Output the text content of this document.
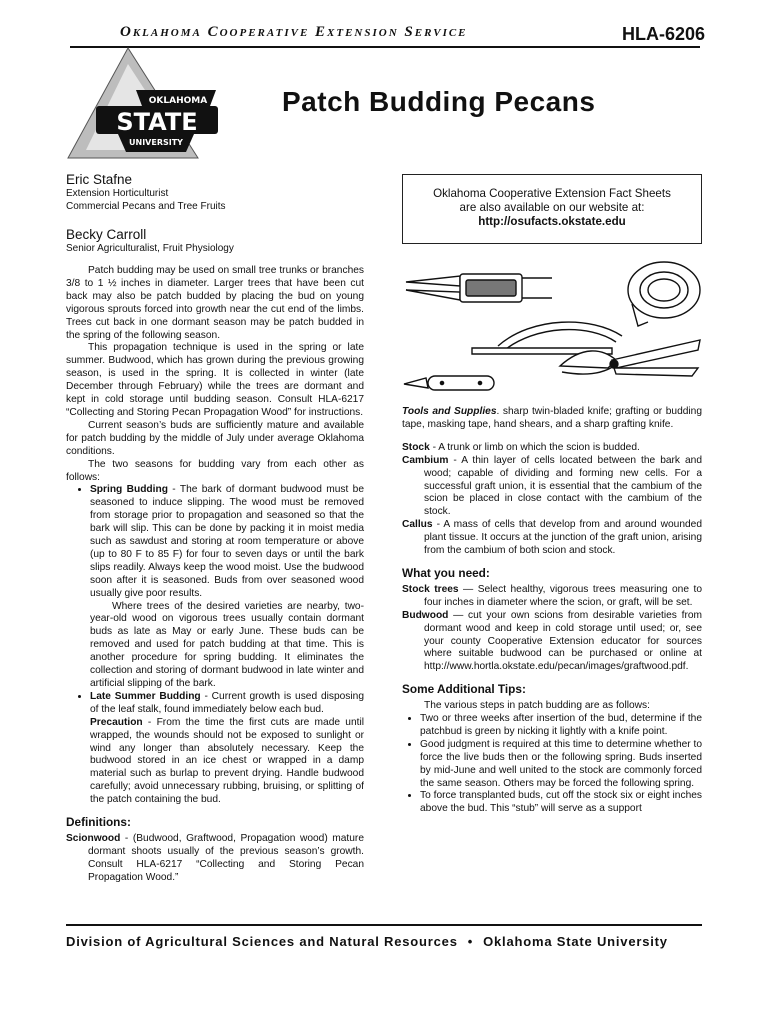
Oklahoma Cooperative Extension Service	HLA-6206
OKLAHOMA
STATE
UNIVERSITY
Patch Budding Pecans

Eric Stafne

Extension Horticulturist

Commercial Pecans and Tree Fruits

Becky Carroll

Senior Agriculturalist, Fruit Physiology

Oklahoma Cooperative Extension Fact Sheets
are also available on our website at:
http://osufacts.okstate.edu

Patch budding may be used on small tree trunks or branches 3/8 to 1 ½ inches in diameter. Larger trees that have been cut back may also be patch budded by placing the bud on young vigorous sprouts forced into growth near the cut end of the limbs. Trees cut back in one dormant season may be patch budded in the spring of the following season.

This propagation technique is used in the spring or late summer. Budwood, which has grown during the previous growing season, is used in the spring. It is collected in winter (late December through February) while the trees are dormant and kept in cold storage until budding season. Consult HLA-6217 “Collecting and Storing Pecan Propagation Wood” for instructions.

Current season’s buds are sufficiently mature and available for patch budding by the middle of July under average Oklahoma conditions.

The two seasons for budding vary from each other as follows:

• Spring Budding - The bark of dormant budwood must be seasoned to induce slipping. The wood must be removed from storage prior to propagation and seasoned so that the bark will slip. This can be done by packing it in moist media such as sawdust and storing at room temperature or above (up to 80 F to 85 F) for four to seven days or until the bark slips readily. Always keep the wood moist. Use the budwood soon after it is seasoned. Buds from over seasoned wood usually give poor results.

Where trees of the desired varieties are nearby, two-year-old wood on vigorous trees usually contain dormant buds as late as May or early June. These buds can be removed and used for patch budding at that time. This is another procedure for spring budding. It eliminates the collection and storing of dormant budwood in late winter and artificial slipping of the bark.

• Late Summer Budding - Current growth is used disposing of the leaf stalk, found immediately below each bud.

Precaution - From the time the first cuts are made until wrapped, the wounds should not be exposed to sunlight or wind any longer than absolutely necessary. Keep the budwood stored in an ice chest or wrapped in a damp material such as burlap to prevent drying. Handle budwood carefully; avoid unnecessary rubbing, bruising, or splitting of the patch containing the bud.

Definitions:

Scionwood - (Budwood, Graftwood, Propagation wood) mature dormant shoots usually of the previous season’s growth. Consult HLA-6217 “Collecting and Storing Pecan Propagation Wood.”

Tools and Supplies. sharp twin-bladed knife; grafting or budding tape, masking tape, hand shears, and a sharp grafting knife.

Stock - A trunk or limb on which the scion is budded.

Cambium - A thin layer of cells located between the bark and wood; capable of dividing and forming new cells. For a successful graft union, it is essential that the cambium of the scion be placed in close contact with the cambium of the stock.

Callus - A mass of cells that develop from and around wounded plant tissue. It occurs at the junction of the graft union, arising from the cambium of both scion and stock.

What you need:

Stock trees — Select healthy, vigorous trees measuring one to four inches in diameter where the scion, or graft, will be set.

Budwood — cut your own scions from desirable varieties from dormant wood and keep in cold storage until used; or, see your county Cooperative Extension educator for sources where suitable budwood can be purchased or online at http://www.hortla.okstate.edu/pecan/images/graftwood.pdf.

Some Additional Tips:

The various steps in patch budding are as follows:

• Two or three weeks after insertion of the bud, determine if the patchbud is green by nicking it lightly with a knife point.
• Good judgment is required at this time to determine whether to force the live buds then or the following spring. Buds inserted by mid-June and well united to the stock are commonly forced the same season. Others may be forced the following spring.
• To force transplanted buds, cut off the stock six or eight inches above the bud. This “stub” will serve as a support
Division of Agricultural Sciences and Natural Resources • Oklahoma State University
